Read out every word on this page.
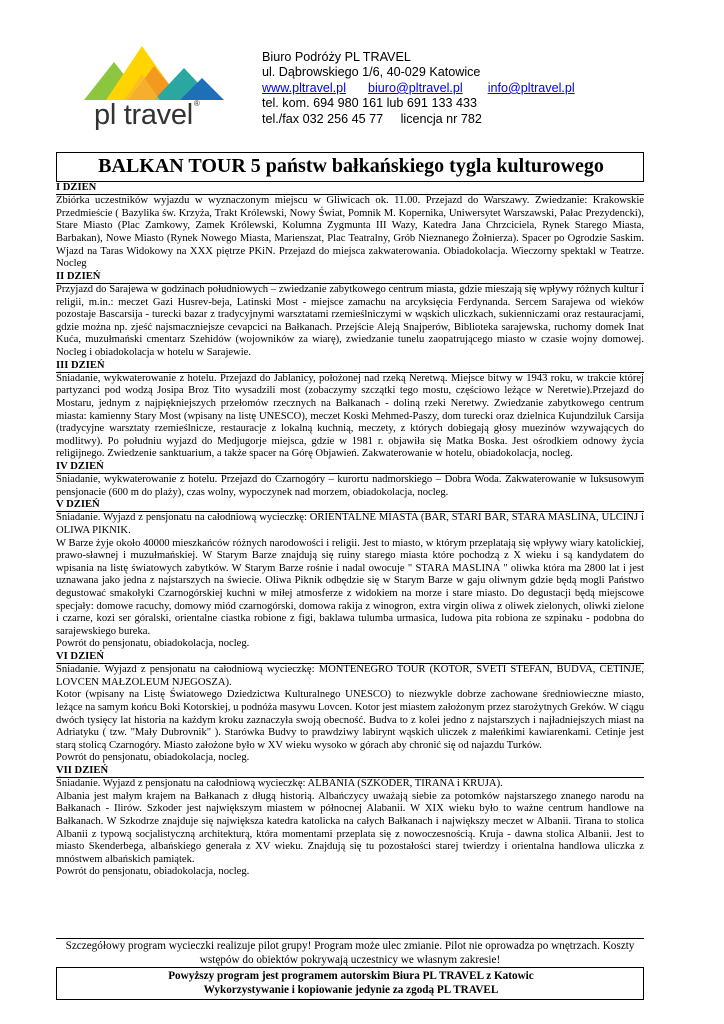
pl travel®
Biuro Podróży PL TRAVEL
ul. Dąbrowskiego 1/6, 40-029 Katowice
www.pltravel.pl biuro@pltravel.pl info@pltravel.pl
tel. kom. 694 980 161 lub 691 133 433
tel./fax 032 256 45 77     licencja nr 782
BALKAN TOUR 5 państw bałkańskiego tygla kulturowego
I DZIEŃ

Zbiórka uczestników wyjazdu w wyznaczonym miejscu w Gliwicach ok. 11.00. Przejazd do Warszawy. Zwiedzanie: Krakowskie Przedmieście ( Bazylika św. Krzyża, Trakt Królewski, Nowy Świat, Pomnik M. Kopernika, Uniwersytet Warszawski, Pałac Prezydencki), Stare Miasto (Plac Zamkowy, Zamek Królewski, Kolumna Zygmunta III Wazy, Katedra Jana Chrzciciela, Rynek Starego Miasta, Barbakan), Nowe Miasto (Rynek Nowego Miasta, Marienszat, Plac Teatralny, Grób Nieznanego Żołnierza). Spacer po Ogrodzie Saskim. Wjazd na Taras Widokowy na XXX piętrze PKiN. Przejazd do miejsca zakwaterowania. Obiadokolacja. Wieczorny spektakl w Teatrze. Nocleg

II DZIEŃ

Przyjazd do Sarajewa w godzinach południowych – zwiedzanie zabytkowego centrum miasta, gdzie mieszają się wpływy różnych kultur i religii, m.in.: meczet Gazi Husrev-beja, Latinski Most - miejsce zamachu na arcyksięcia Ferdynanda. Sercem Sarajewa od wieków pozostaje Bascarsija - turecki bazar z tradycyjnymi warsztatami rzemieślniczymi w wąskich uliczkach, sukienniczami oraz restauracjami, gdzie można np. zjeść najsmaczniejsze cevapcici na Bałkanach. Przejście Aleją Snajperów, Biblioteka sarajewska, ruchomy domek Inat Kuća, muzułmański cmentarz Szehidów (wojowników za wiarę), zwiedzanie tunelu zaopatrującego miasto w czasie wojny domowej. Nocleg i obiadokolacja w hotelu w Sarajewie.

III DZIEŃ

Śniadanie, wykwaterowanie z hotelu. Przejazd do Jablanicy, położonej nad rzeką Neretwą. Miejsce bitwy w 1943 roku, w trakcie której partyzanci pod wodzą Josipa Broz Tito wysadzili most (zobaczymy szczątki tego mostu, częściowo leżące w Neretwie).Przejazd do Mostaru, jednym z najpiękniejszych przełomów rzecznych na Bałkanach - doliną rzeki Neretwy. Zwiedzanie zabytkowego centrum miasta: kamienny Stary Most (wpisany na listę UNESCO), meczet Koski Mehmed-Paszy, dom turecki oraz dzielnica Kujundziluk Carsija (tradycyjne warsztaty rzemieślnicze, restauracje z lokalną kuchnią, meczety, z których dobiegają głosy muezinów wzywających do modlitwy). Po południu wyjazd do Medjugorje miejsca, gdzie w 1981 r. objawiła się Matka Boska. Jest ośrodkiem odnowy życia religijnego. Zwiedzenie sanktuarium, a także spacer na Górę Objawień. Zakwaterowanie w hotelu, obiadokolacja, nocleg.

IV DZIEŃ

Śniadanie, wykwaterowanie z hotelu. Przejazd do Czarnogóry – kurortu nadmorskiego – Dobra Woda. Zakwaterowanie w luksusowym pensjonacie (600 m do plaży), czas wolny, wypoczynek nad morzem, obiadokolacja, nocleg.

V DZIEŃ

Śniadanie. Wyjazd z pensjonatu na całodniową wycieczkę: ORIENTALNE MIASTA (BAR, STARI BAR, STARA MASLINA, ULCINJ i OLIWA PIKNIK.

W Barze żyje około 40000 mieszkańców różnych narodowości i religii. Jest to miasto, w którym przeplatają się wpływy wiary katolickiej, prawo-sławnej i muzułmańskiej. W Starym Barze znajdują się ruiny starego miasta które pochodzą z X wieku i są kandydatem do wpisania na listę światowych zabytków. W Starym Barze rośnie i nadal owocuje " STARA MASLINA " oliwka która ma 2800 lat i jest uznawana jako jedna z najstarszych na świecie. Oliwa Piknik odbędzie się w Starym Barze w gaju oliwnym gdzie będą mogli Państwo degustować smakołyki Czarnogórskiej kuchni w miłej atmosferze z widokiem na morze i stare miasto. Do degustacji będą miejscowe specjały: domowe racuchy, domowy miód czarnogórski, domowa rakija z winogron, extra virgin oliwa z oliwek zielonych, oliwki zielone i czarne, kozi ser góralski, orientalne ciastka robione z figi, baklawa tulumba urmasica, ludowa pita robiona ze szpinaku - podobna do sarajewskiego bureka.

Powrót do pensjonatu, obiadokolacja, nocleg.

VI DZIEŃ

Śniadanie. Wyjazd z pensjonatu na całodniową wycieczkę: MONTENEGRO TOUR (KOTOR, SVETI STEFAN, BUDVA, CETINJE, LOVCEN MAŁZOLEUM NJEGOSZA).

Kotor (wpisany na Listę Światowego Dziedzictwa Kulturalnego UNESCO) to niezwykle dobrze zachowane średniowieczne miasto, leżące na samym końcu Boki Kotorskiej, u podnóża masywu Lovcen. Kotor jest miastem założonym przez starożytnych Greków. W ciągu dwóch tysięcy lat historia na każdym kroku zaznaczyła swoją obecność. Budva to z kolei jedno z najstarszych i najładniejszych miast na Adriatyku ( tzw. "Mały Dubrovnik" ). Starówka Budvy to prawdziwy labirynt wąskich uliczek z małeńkimi kawiarenkami. Cetinje jest starą stolicą Czarnogóry. Miasto założone było w XV wieku wysoko w górach aby chronić się od najazdu Turków.

Powrót do pensjonatu, obiadokolacja, nocleg.

VII DZIEŃ

Śniadanie. Wyjazd z pensjonatu na całodniową wycieczkę: ALBANIA (SZKODER, TIRANA i KRUJA).

Albania jest małym krajem na Bałkanach z długą historią. Albańczycy uważają siebie za potomków najstarszego znanego narodu na Bałkanach - Ilirów. Szkoder jest największym miastem w północnej Alabanii. W XIX wieku było to ważne centrum handlowe na Bałkanach. W Szkodrze znajduje się największa katedra katolicka na całych Bałkanach i największy meczet w Albanii. Tirana to stolica Albanii z typową socjalistyczną architekturą, która momentami przeplata się z nowoczesnością. Kruja - dawna stolica Albanii. Jest to miasto Skenderbega, albańskiego generała z XV wieku. Znajdują się tu pozostałości starej twierdzy i orientalna handlowa uliczka z mnóstwem albańskich pamiątek.

Powrót do pensjonatu, obiadokolacja, nocleg.

Szczegółowy program wycieczki realizuje pilot grupy! Program może ulec zmianie. Pilot nie oprowadza po wnętrzach. Koszty wstępów do obiektów pokrywają uczestnicy we własnym zakresie!
Powyższy program jest programem autorskim Biura PL TRAVEL z Katowic
Wykorzystywanie i kopiowanie jedynie za zgodą PL TRAVEL
